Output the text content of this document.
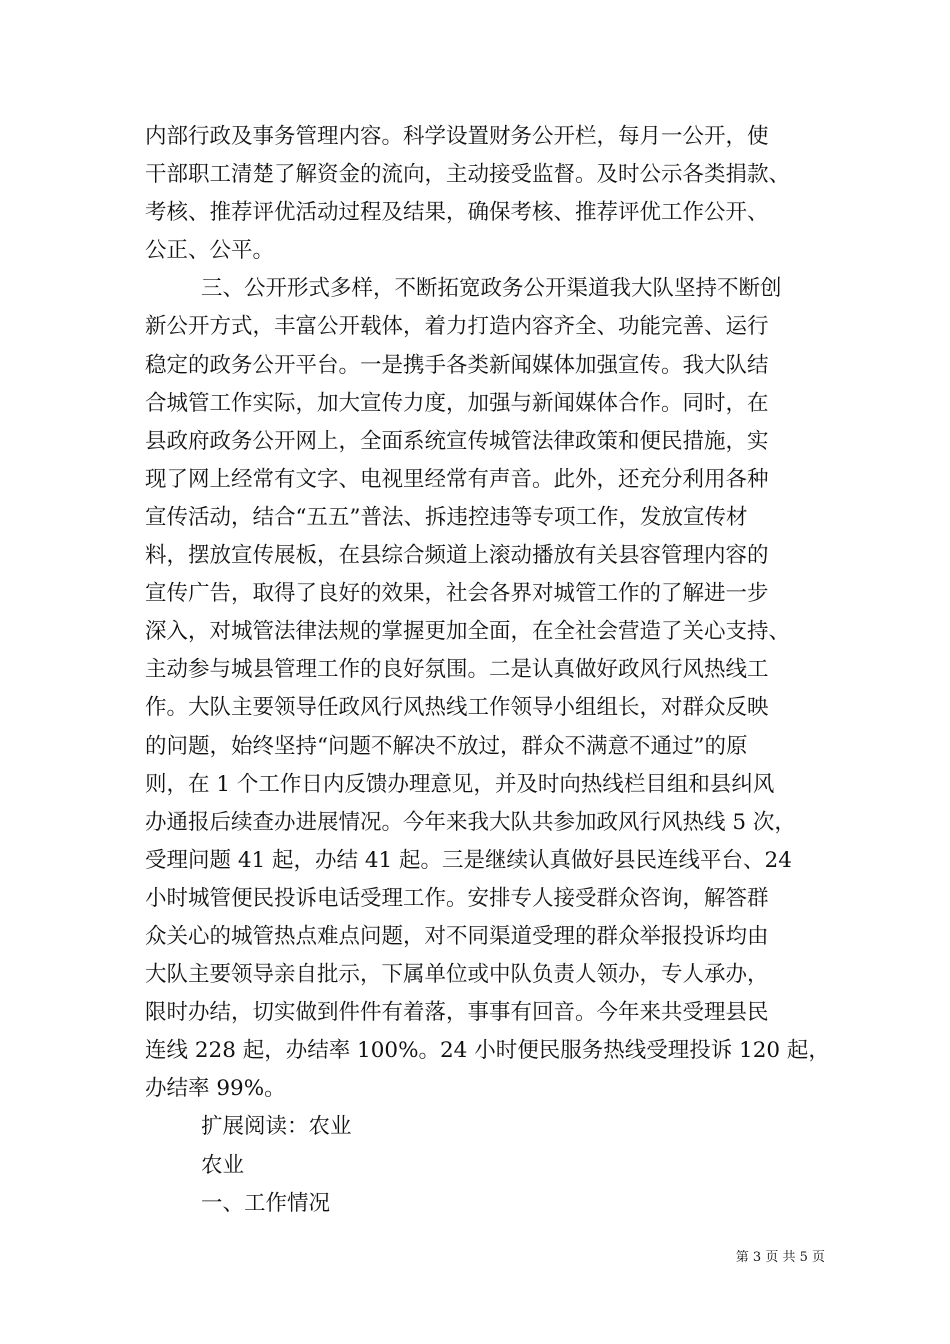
内部行政及事务管理内容。科学设置财务公开栏，每月一公开，使
干部职工清楚了解资金的流向，主动接受监督。及时公示各类捐款、
考核、推荐评优活动过程及结果，确保考核、推荐评优工作公开、
公正、公平。
三、公开形式多样，不断拓宽政务公开渠道我大队坚持不断创
新公开方式，丰富公开载体，着力打造内容齐全、功能完善、运行
稳定的政务公开平台。一是携手各类新闻媒体加强宣传。我大队结
合城管工作实际，加大宣传力度，加强与新闻媒体合作。同时，在
县政府政务公开网上，全面系统宣传城管法律政策和便民措施，实
现了网上经常有文字、电视里经常有声音。此外，还充分利用各种
宣传活动，结合“五五”普法、拆违控违等专项工作，发放宣传材
料，摆放宣传展板，在县综合频道上滚动播放有关县容管理内容的
宣传广告，取得了良好的效果，社会各界对城管工作的了解进一步
深入，对城管法律法规的掌握更加全面，在全社会营造了关心支持、
主动参与城县管理工作的良好氛围。二是认真做好政风行风热线工
作。大队主要领导任政风行风热线工作领导小组组长，对群众反映
的问题，始终坚持“问题不解决不放过，群众不满意不通过”的原
则，在 1 个工作日内反馈办理意见，并及时向热线栏目组和县纠风
办通报后续查办进展情况。今年来我大队共参加政风行风热线 5 次，
受理问题 41 起，办结 41 起。三是继续认真做好县民连线平台、24
小时城管便民投诉电话受理工作。安排专人接受群众咨询，解答群
众关心的城管热点难点问题，对不同渠道受理的群众举报投诉均由
大队主要领导亲自批示，下属单位或中队负责人领办，专人承办，
限时办结，切实做到件件有着落，事事有回音。今年来共受理县民
连线 228 起，办结率 100%。24 小时便民服务热线受理投诉 120 起，
办结率 99%。
扩展阅读：农业
农业
一、工作情况
第 3 页 共 5 页
